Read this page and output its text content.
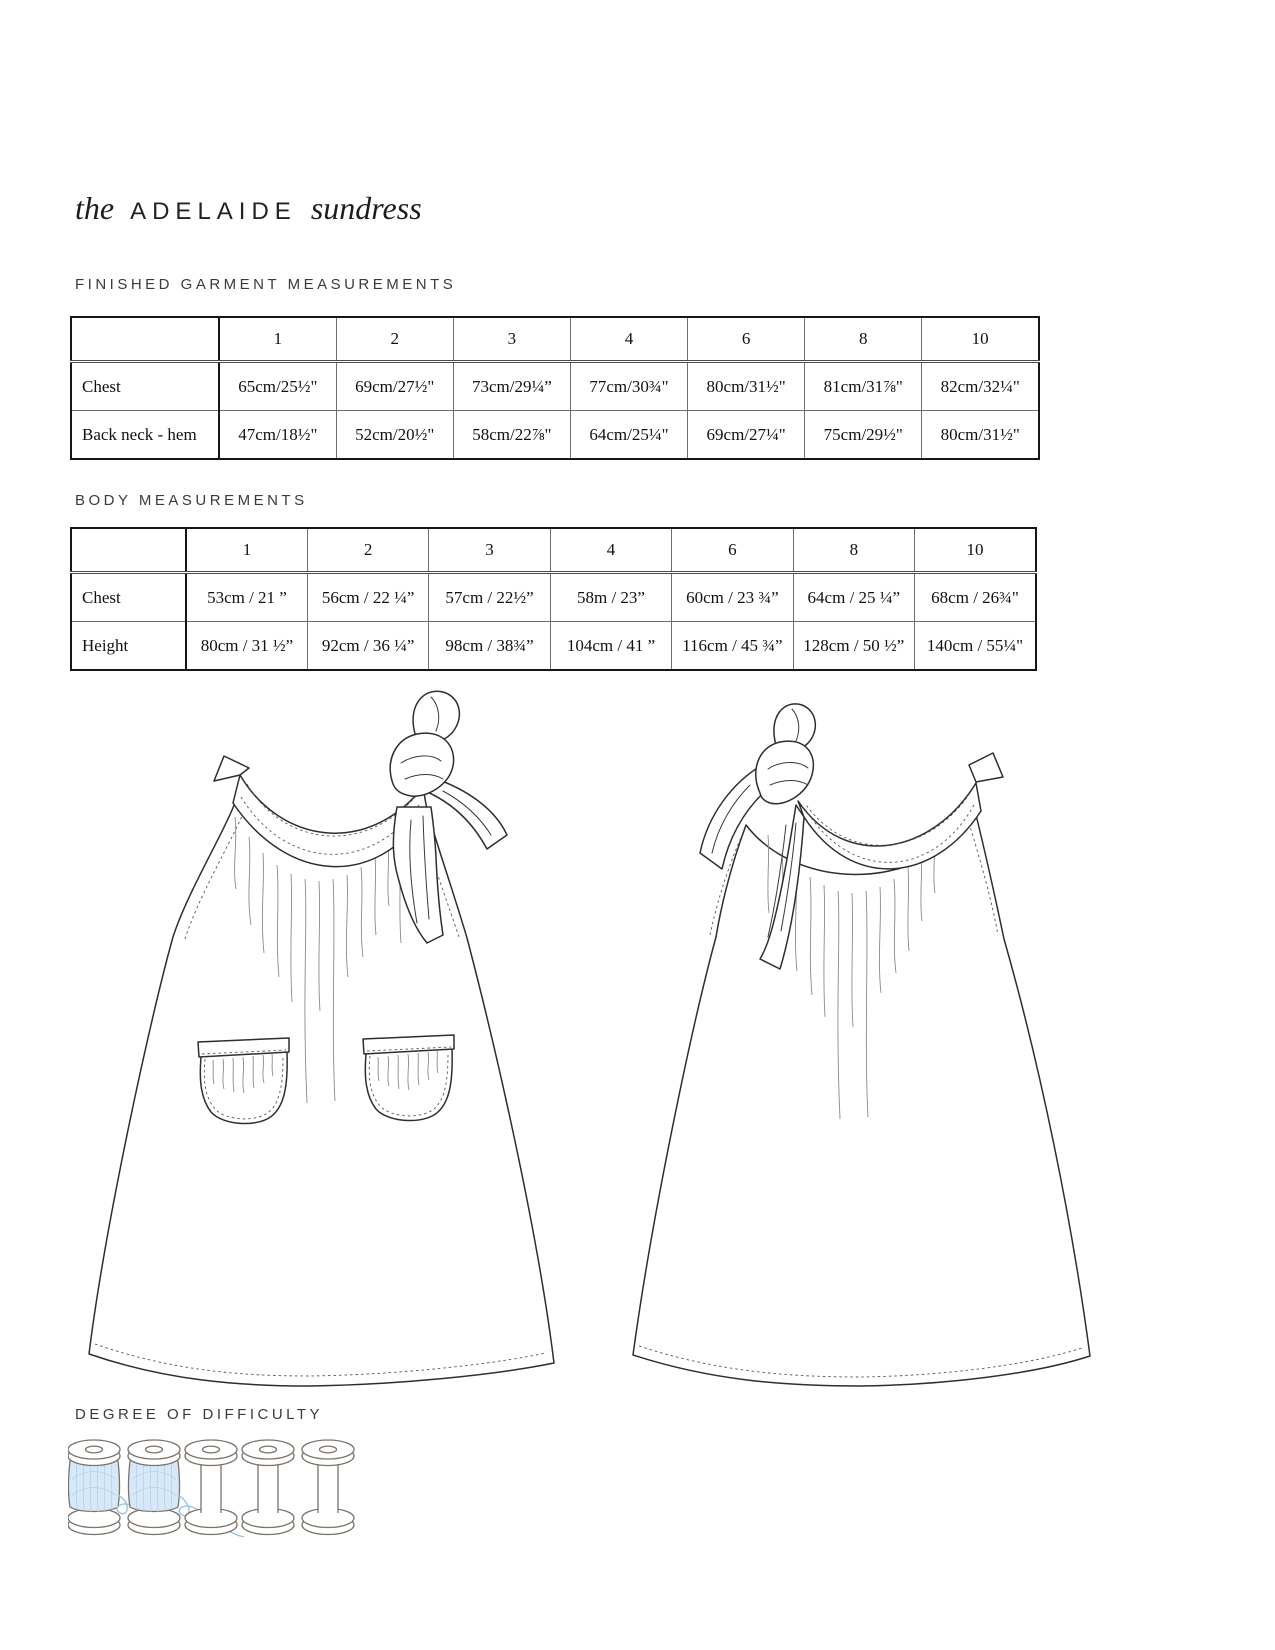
the ADELAIDE sundress
FINISHED GARMENT MEASUREMENTS
	1	2	3	4	6	8	10
Chest	65cm/25½"	69cm/27½"	73cm/29¼”	77cm/30¾"	80cm/31½"	81cm/31⅞"	82cm/32¼"
Back neck - hem	47cm/18½"	52cm/20½"	58cm/22⅞"	64cm/25¼"	69cm/27¼"	75cm/29½"	80cm/31½"
BODY MEASUREMENTS
	1	2	3	4	6	8	10
Chest	53cm / 21 ”	56cm / 22 ¼”	57cm / 22½”	58m / 23”	60cm / 23 ¾”	64cm / 25 ¼”	68cm / 26¾"
Height	80cm / 31 ½”	92cm / 36 ¼”	98cm / 38¾”	104cm / 41 ”	116cm / 45 ¾”	128cm / 50 ½”	140cm / 55¼"
DEGREE OF DIFFICULTY
